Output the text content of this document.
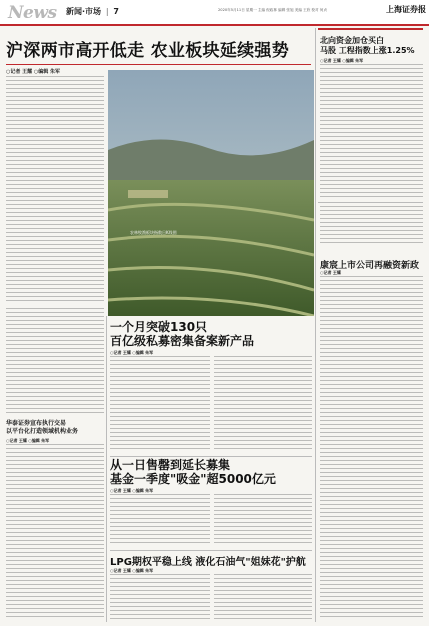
News 新闻·市场 | 7	2020年5月11日 星期一 主编 倪政林 编辑 张旭 美编 王欣 校对 何贞	上海证券报
沪深两市高开低走 农业板块延续强势
○记者 王耀 ○编辑 朱军
农林牧渔板块指数日K线图
北向资金加仓买白
马股 工程指数上涨1.25%
○记者 王耀 ○编辑 朱军
康宸上市公司再融资新政
○记者 王耀
一个月突破130只
百亿级私募密集备案新产品
○记者 王耀 ○编辑 朱军
华泰证券宣布执行交易
以平台化打造领域机构业务
○记者 王耀 ○编辑 朱军
从一日售罄到延长募集
基金一季度"吸金"超5000亿元
○记者 王耀 ○编辑 朱军
LPG期权平稳上线 液化石油气"姐妹花"护航
○记者 王耀 ○编辑 朱军
